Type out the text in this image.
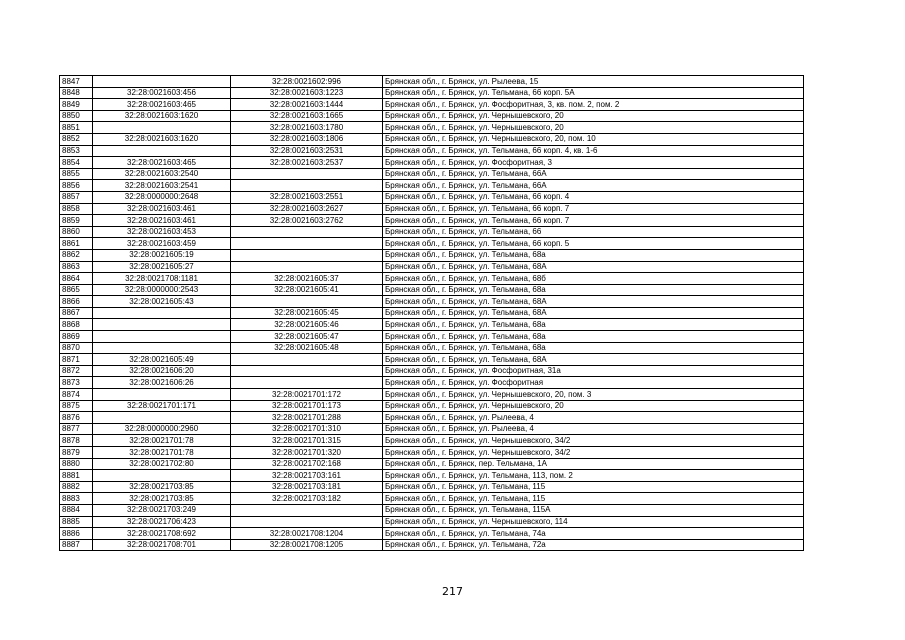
8847		32:28:0021602:996	Брянская обл., г. Брянск, ул. Рылеева, 15
8848	32:28:0021603:456	32:28:0021603:1223	Брянская обл., г. Брянск, ул. Тельмана, 66 корп. 5А
8849	32:28:0021603:465	32:28:0021603:1444	Брянская обл., г. Брянск, ул. Фосфоритная, 3, кв. пом. 2, пом. 2
8850	32:28:0021603:1620	32:28:0021603:1665	Брянская обл., г. Брянск, ул. Чернышевского, 20
8851		32:28:0021603:1780	Брянская обл., г. Брянск, ул. Чернышевского, 20
8852	32:28:0021603:1620	32:28:0021603:1806	Брянская обл., г. Брянск, ул. Чернышевского, 20, пом. 10
8853		32:28:0021603:2531	Брянская обл., г. Брянск, ул. Тельмана, 66 корп. 4, кв. 1-6
8854	32:28:0021603:465	32:28:0021603:2537	Брянская обл., г. Брянск, ул. Фосфоритная, 3
8855	32:28:0021603:2540		Брянская обл., г. Брянск, ул. Тельмана, 66А
8856	32:28:0021603:2541		Брянская обл., г. Брянск, ул. Тельмана, 66А
8857	32:28:0000000:2648	32:28:0021603:2551	Брянская обл., г. Брянск, ул. Тельмана, 66 корп. 4
8858	32:28:0021603:461	32:28:0021603:2627	Брянская обл., г. Брянск, ул. Тельмана, 66 корп. 7
8859	32:28:0021603:461	32:28:0021603:2762	Брянская обл., г. Брянск, ул. Тельмана, 66 корп. 7
8860	32:28:0021603:453		Брянская обл., г. Брянск, ул. Тельмана, 66
8861	32:28:0021603:459		Брянская обл., г. Брянск, ул. Тельмана, 66 корп. 5
8862	32:28:0021605:19		Брянская обл., г. Брянск, ул. Тельмана, 68а
8863	32:28:0021605:27		Брянская обл., г. Брянск, ул. Тельмана, 68А
8864	32:28:0021708:1181	32:28:0021605:37	Брянская обл., г. Брянск, ул. Тельмана, 68б
8865	32:28:0000000:2543	32:28:0021605:41	Брянская обл., г. Брянск, ул. Тельмана, 68а
8866	32:28:0021605:43		Брянская обл., г. Брянск, ул. Тельмана, 68А
8867		32:28:0021605:45	Брянская обл., г. Брянск, ул. Тельмана, 68А
8868		32:28:0021605:46	Брянская обл., г. Брянск, ул. Тельмана, 68а
8869		32:28:0021605:47	Брянская обл., г. Брянск, ул. Тельмана, 68а
8870		32:28:0021605:48	Брянская обл., г. Брянск, ул. Тельмана, 68а
8871	32:28:0021605:49		Брянская обл., г. Брянск, ул. Тельмана, 68А
8872	32:28:0021606:20		Брянская обл., г. Брянск, ул. Фосфоритная, 31а
8873	32:28:0021606:26		Брянская обл., г. Брянск, ул. Фосфоритная
8874		32:28:0021701:172	Брянская обл., г. Брянск, ул. Чернышевского, 20, пом. 3
8875	32:28:0021701:171	32:28:0021701:173	Брянская обл., г. Брянск, ул. Чернышевского, 20
8876		32:28:0021701:288	Брянская обл., г. Брянск, ул. Рылеева, 4
8877	32:28:0000000:2960	32:28:0021701:310	Брянская обл., г. Брянск, ул. Рылеева, 4
8878	32:28:0021701:78	32:28:0021701:315	Брянская обл., г. Брянск, ул. Чернышевского, 34/2
8879	32:28:0021701:78	32:28:0021701:320	Брянская обл., г. Брянск, ул. Чернышевского, 34/2
8880	32:28:0021702:80	32:28:0021702:168	Брянская обл., г. Брянск, пер. Тельмана, 1А
8881		32:28:0021703:161	Брянская обл., г. Брянск, ул. Тельмана, 113, пом. 2
8882	32:28:0021703:85	32:28:0021703:181	Брянская обл., г. Брянск, ул. Тельмана, 115
8883	32:28:0021703:85	32:28:0021703:182	Брянская обл., г. Брянск, ул. Тельмана, 115
8884	32:28:0021703:249		Брянская обл., г. Брянск, ул. Тельмана, 115А
8885	32:28:0021706:423		Брянская обл., г. Брянск, ул. Чернышевского, 114
8886	32:28:0021708:692	32:28:0021708:1204	Брянская обл., г. Брянск, ул. Тельмана, 74а
8887	32:28:0021708:701	32:28:0021708:1205	Брянская обл., г. Брянск, ул. Тельмана, 72а
217
